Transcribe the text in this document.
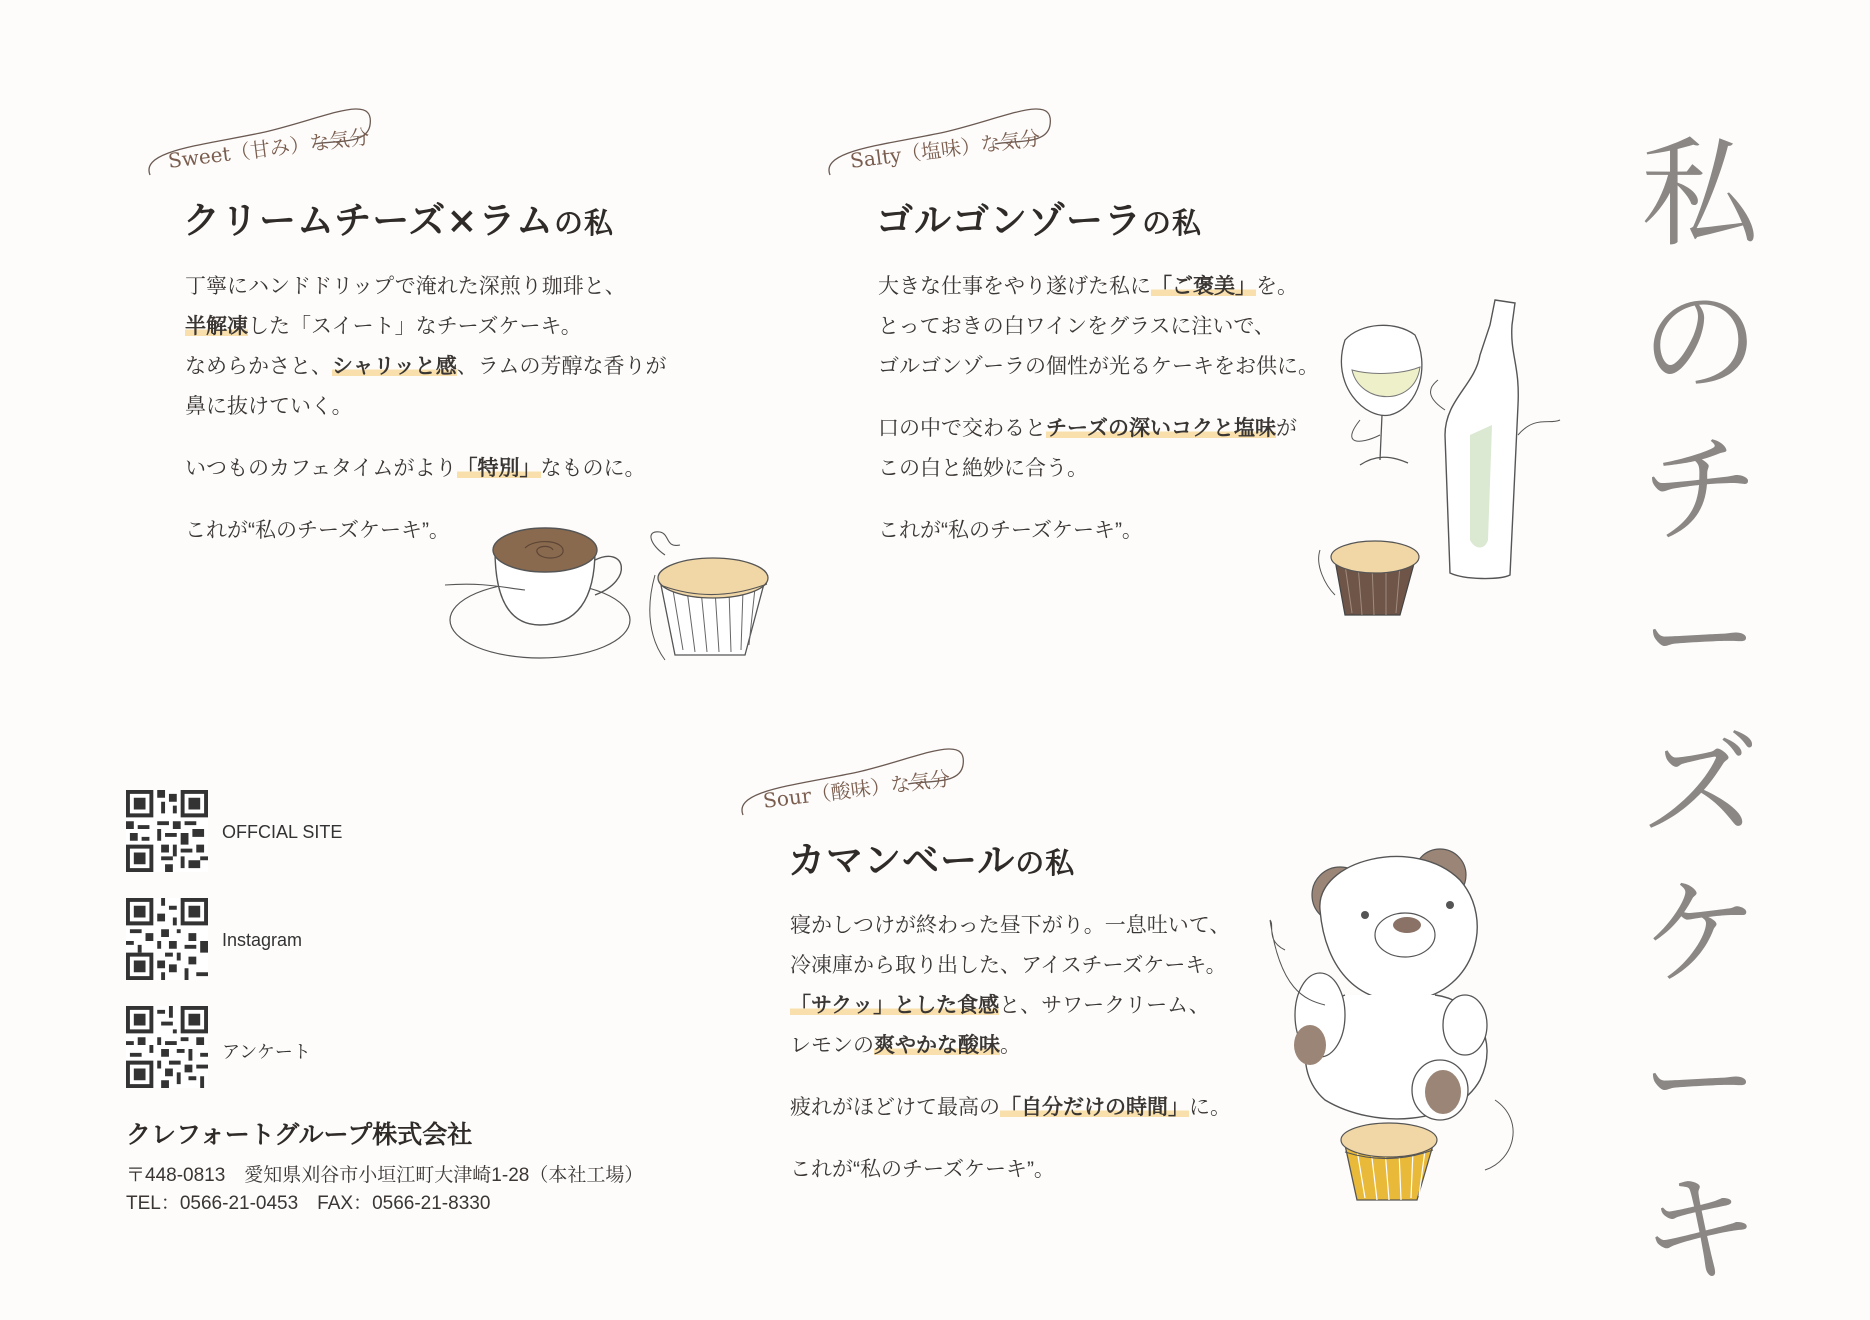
私
の
チ
ー
ズ
ケ
ー
キ
Sweet（甘み）な気分
クリームチーズ×ラムの私
丁寧にハンドドリップで淹れた深煎り珈琲と、
半解凍した「スイート」なチーズケーキ。
なめらかさと、シャリッと感、ラムの芳醇な香りが

鼻に抜けていく。

いつものカフェタイムがより「特別」なものに。

これが“私のチーズケーキ”。
Salty（塩味）な気分
ゴルゴンゾーラの私
大きな仕事をやり遂げた私に「ご褒美」を。
とっておきの白ワインをグラスに注いで、

ゴルゴンゾーラの個性が光るケーキをお供に。

口の中で交わるとチーズの深いコクと塩味が

この白と絶妙に合う。

これが“私のチーズケーキ”。
Sour（酸味）な気分
カマンベールの私
寝かしつけが終わった昼下がり。一息吐いて、
冷凍庫から取り出した、アイスチーズケーキ。
「サクッ」とした食感と、サワークリーム、

レモンの爽やかな酸味。

疲れがほどけて最高の「自分だけの時間」に。

これが“私のチーズケーキ”。
OFFCIAL SITE
Instagram
アンケート
クレフォートグループ株式会社
〒448-0813　愛知県刈谷市小垣江町大津崎1-28（本社工場）
TEL：0566-21-0453　FAX：0566-21-8330
